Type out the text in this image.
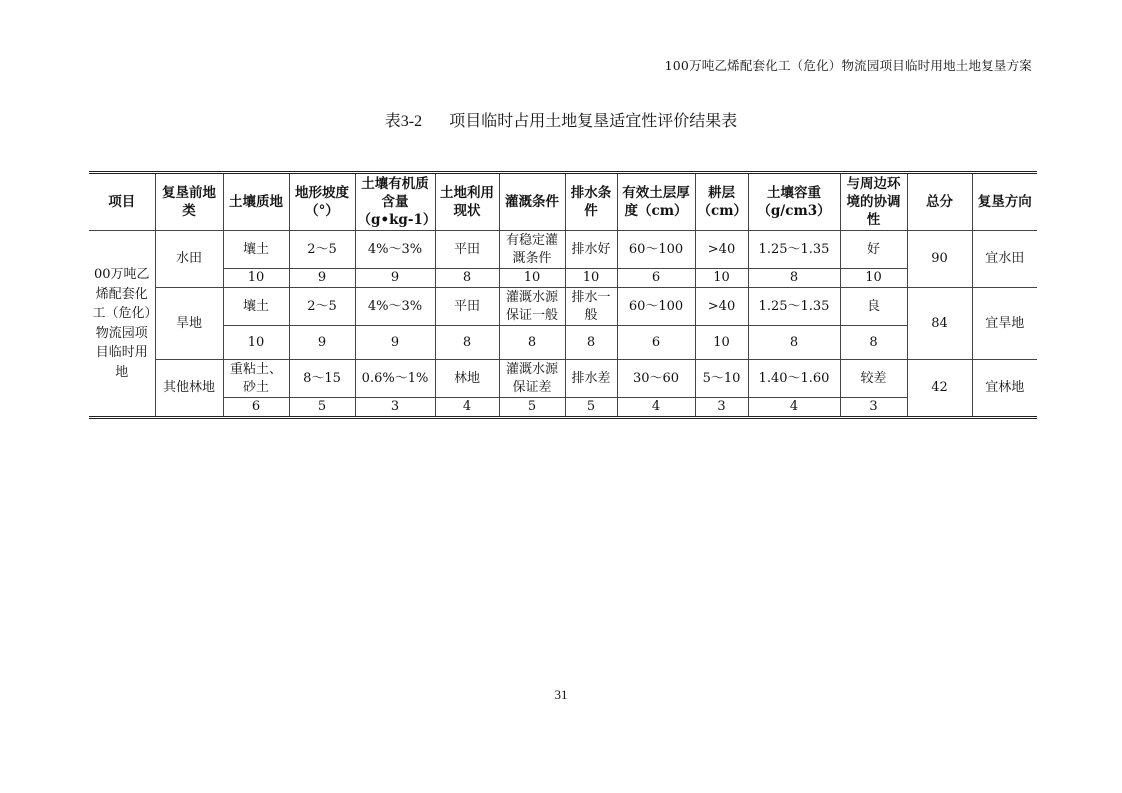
100万吨乙烯配套化工（危化）物流园项目临时用地土地复垦方案
表3-2 项目临时占用土地复垦适宜性评价结果表
项目	复垦前地类	土壤质地	地形坡度（°）	土壤有机质含量（g•kg-1）	土地利用现状	灌溉条件	排水条件	有效土层厚度（cm）	耕层（cm）	土壤容重（g/cm3）	与周边环境的协调性	总分	复垦方向
00万吨乙烯配套化工（危化）物流园项目临时用地	水田	壤土	2～5	4%～3%	平田	有稳定灌溉条件	排水好	60～100	>40	1.25～1.35	好	90	宜水田
		10	9	9	8	10	10	6	10	8	10		
	旱地	壤土	2～5	4%～3%	平田	灌溉水源保证一般	排水一般	60～100	>40	1.25～1.35	良	84	宜旱地
		10	9	9	8	8	8	6	10	8	8		
	其他林地	重粘土、砂土	8～15	0.6%～1%	林地	灌溉水源保证差	排水差	30～60	5～10	1.40～1.60	较差	42	宜林地
		6	5	3	4	5	5	4	3	4	3		
31
